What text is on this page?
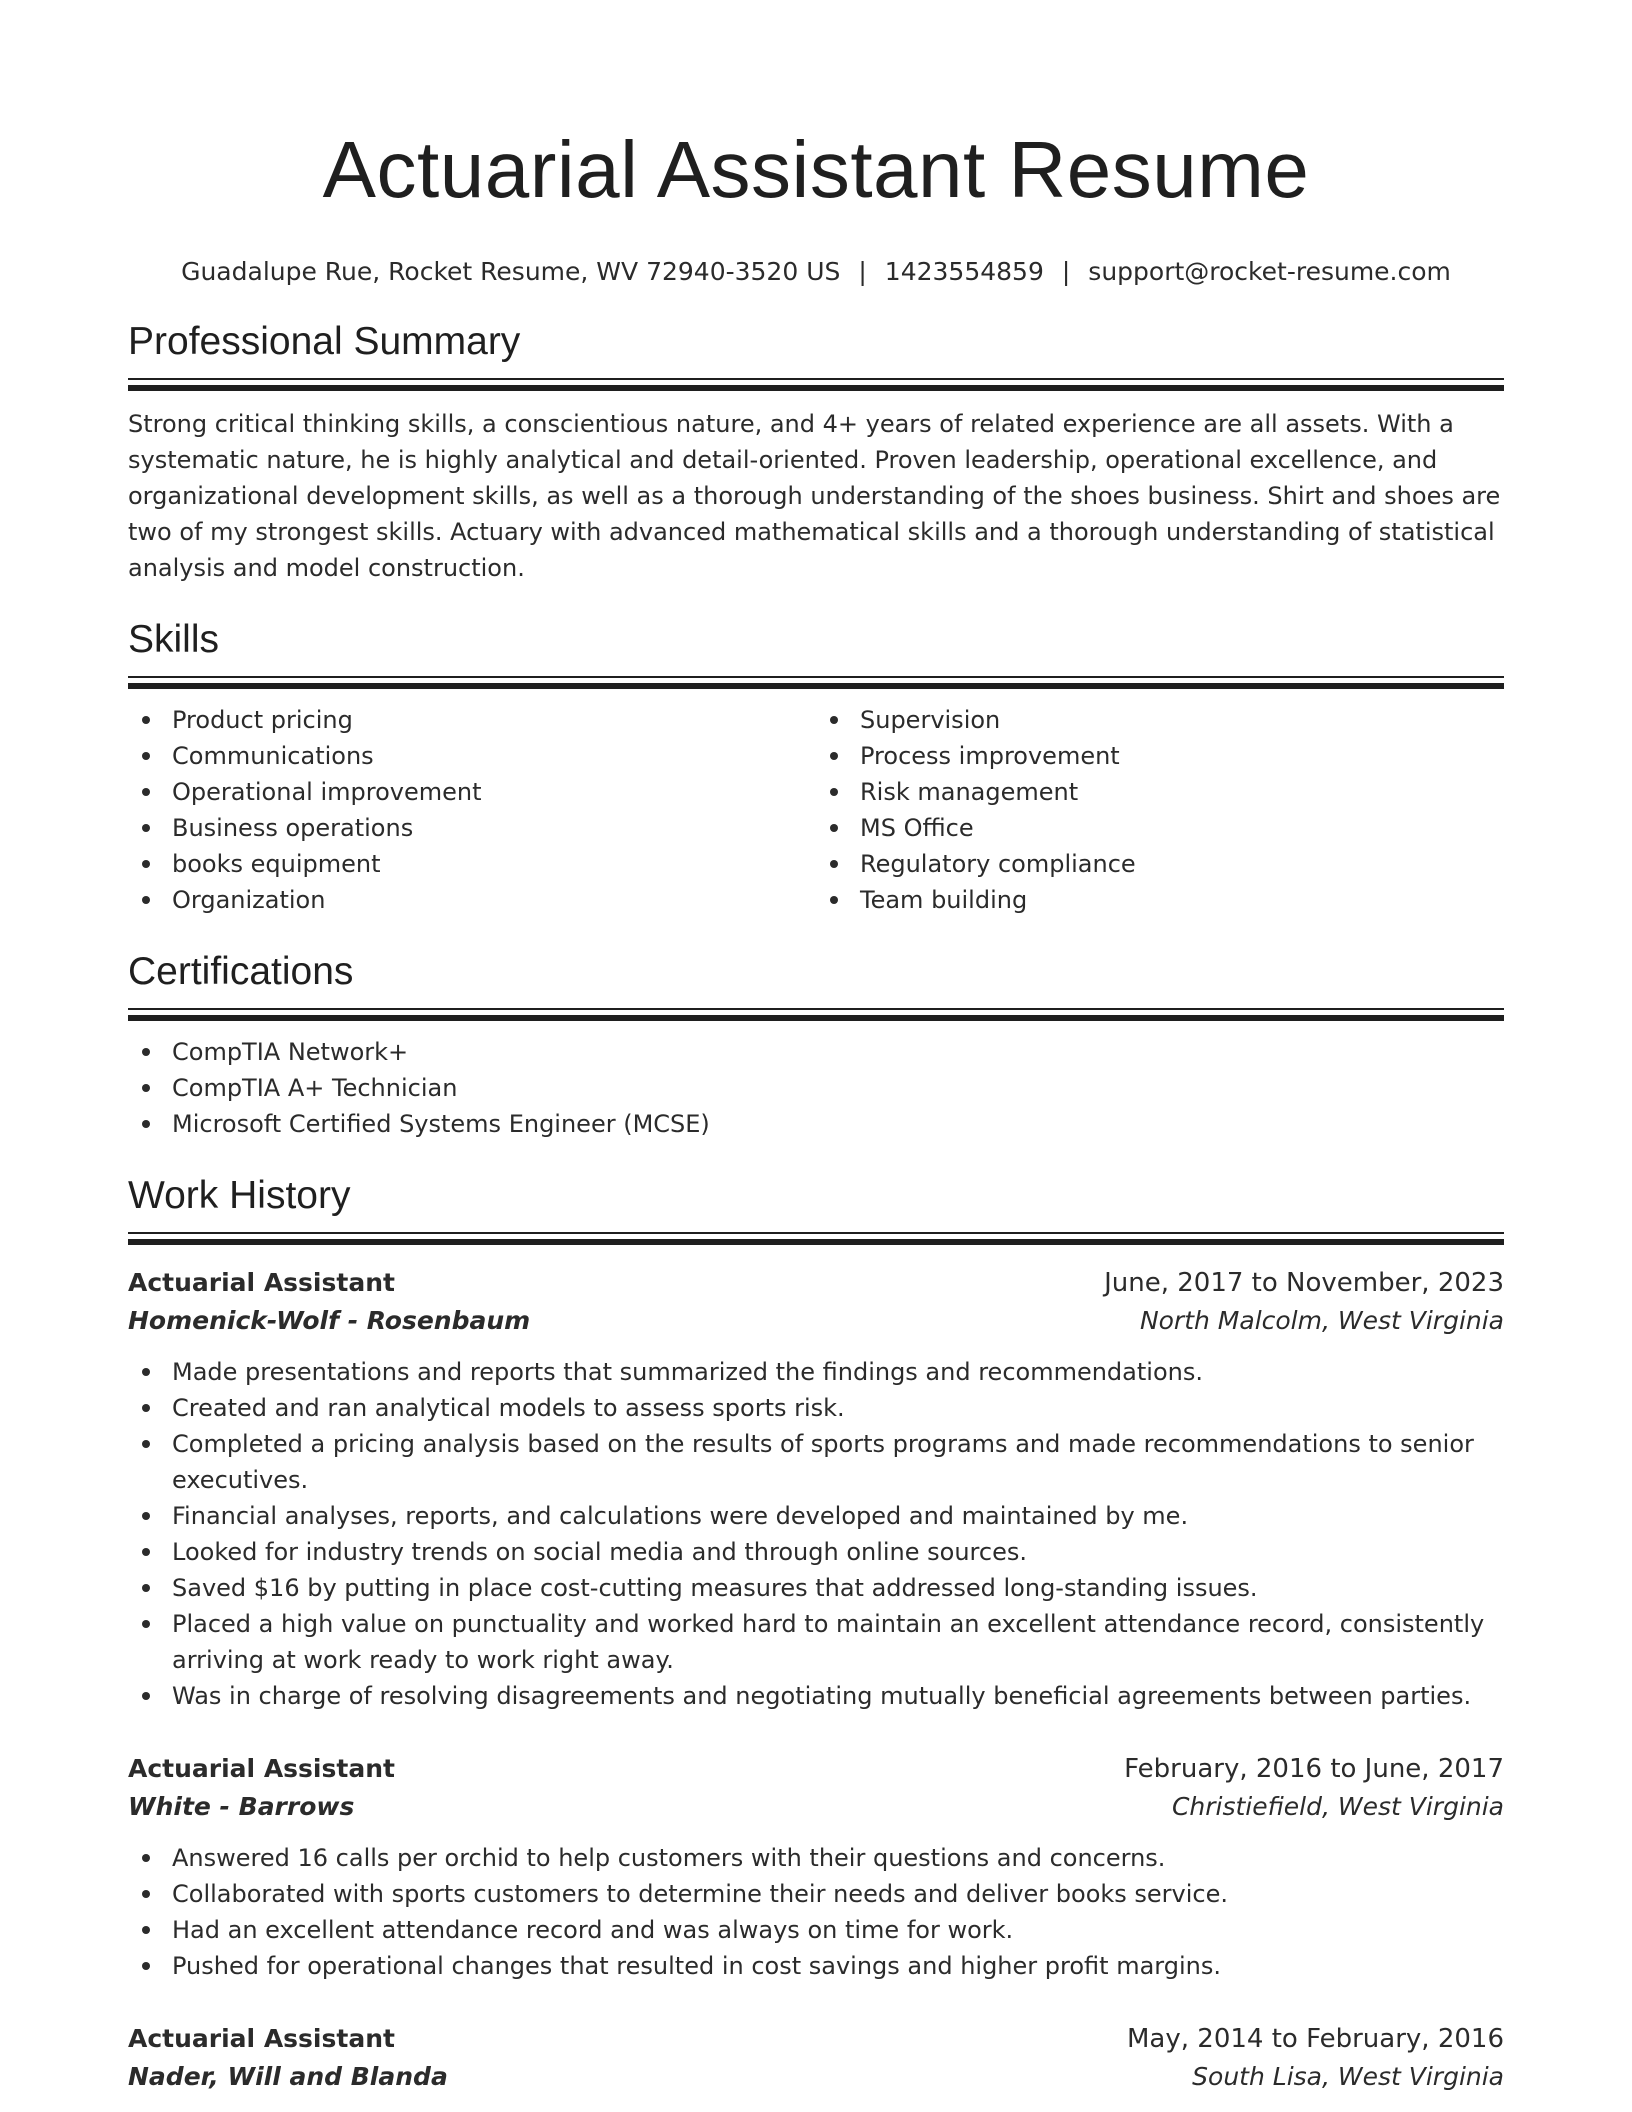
Actuarial Assistant Resume
Guadalupe Rue, Rocket Resume, WV 72940-3520 US | 1423554859 | support@rocket-resume.com
Professional Summary

Strong critical thinking skills, a conscientious nature, and 4+ years of related experience are all assets. With a systematic nature, he is highly analytical and detail-oriented. Proven leadership, operational excellence, and organizational development skills, as well as a thorough understanding of the shoes business. Shirt and shoes are two of my strongest skills. Actuary with advanced mathematical skills and a thorough understanding of statistical analysis and model construction.

Skills
Product pricing
Communications
Operational improvement
Business operations
books equipment
Organization
Supervision
Process improvement
Risk management
MS Office
Regulatory compliance
Team building
Certifications
CompTIA Network+
CompTIA A+ Technician
Microsoft Certified Systems Engineer (MCSE)
Work History
Actuarial Assistant	June, 2017 to November, 2023
Homenick-Wolf - Rosenbaum	North Malcolm, West Virginia
Made presentations and reports that summarized the findings and recommendations.
Created and ran analytical models to assess sports risk.
Completed a pricing analysis based on the results of sports programs and made recommendations to senior executives.
Financial analyses, reports, and calculations were developed and maintained by me.
Looked for industry trends on social media and through online sources.
Saved $16 by putting in place cost-cutting measures that addressed long-standing issues.
Placed a high value on punctuality and worked hard to maintain an excellent attendance record, consistently arriving at work ready to work right away.
Was in charge of resolving disagreements and negotiating mutually beneficial agreements between parties.
Actuarial Assistant	February, 2016 to June, 2017
White - Barrows	Christiefield, West Virginia
Answered 16 calls per orchid to help customers with their questions and concerns.
Collaborated with sports customers to determine their needs and deliver books service.
Had an excellent attendance record and was always on time for work.
Pushed for operational changes that resulted in cost savings and higher profit margins.
Actuarial Assistant	May, 2014 to February, 2016
Nader, Will and Blanda	South Lisa, West Virginia
